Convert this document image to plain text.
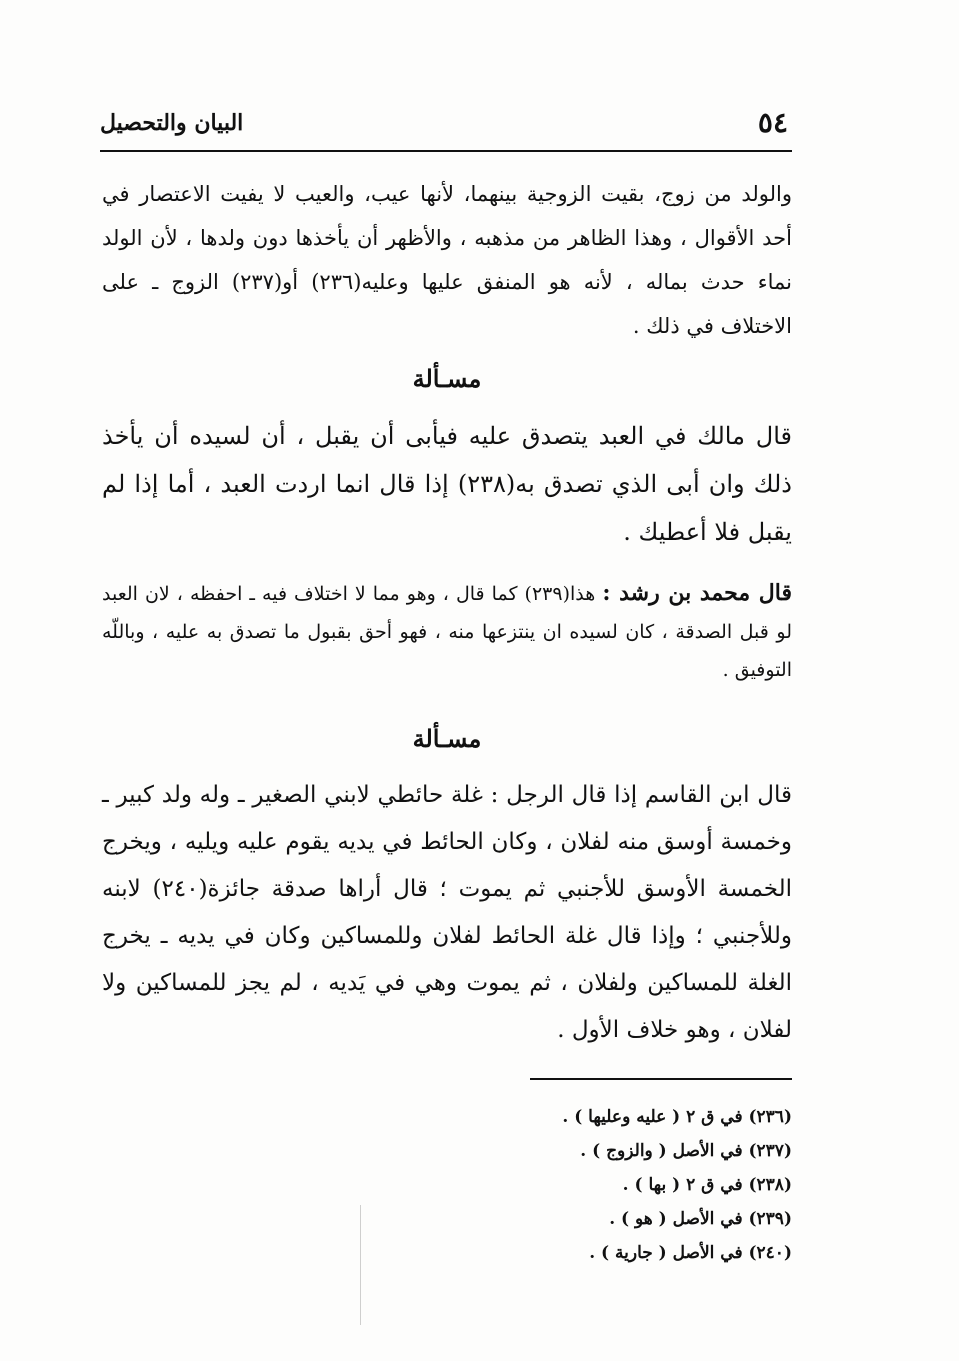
٥٤
البيان والتحصيل

والولد من زوج، بقيت الزوجية بينهما، لأنها عيب، والعيب لا يفيت الاعتصار في أحد الأقوال ، وهذا الظاهر من مذهبه ، والأظهر أن يأخذها دون ولدها ، لأن الولد نماء حدث بماله ، لأنه هو المنفق عليها وعليه(٢٣٦) أو(٢٣٧) الزوج ـ على الاختلاف في ذلك .

مسـألة

قال مالك في العبد يتصدق عليه فيأبى أن يقبل ، أن لسيده أن يأخذ ذلك وان أبى الذي تصدق به(٢٣٨) إذا قال انما اردت العبد ، أما إذا لم يقبل فلا أعطيك .

قال محمد بن رشد : هذا(٢٣٩) كما قال ، وهو مما لا اختلاف فيه ـ احفظه ، لان العبد لو قبل الصدقة ، كان لسيده ان ينتزعها منه ، فهو أحق بقبول ما تصدق به عليه ، وباللّه التوفيق .

مسـألة

قال ابن القاسم إذا قال الرجل : غلة حائطي لابني الصغير ـ وله ولد كبير ـ وخمسة أوسق منه لفلان ، وكان الحائط في يديه يقوم عليه ويليه ، ويخرج الخمسة الأوسق للأجنبي ثم يموت ؛ قال أراها صدقة جائزة(٢٤٠) لابنه وللأجنبي ؛ وإذا قال غلة الحائط لفلان وللمساكين وكان في يديه ـ يخرج الغلة للمساكين ولفلان ، ثم يموت وهي في يَديه ، لم يجز للمساكين ولا لفلان ، وهو خلاف الأول .

(٢٣٦) في ق ٢ ( عليه وعليها ) .
(٢٣٧) في الأصل ( والزوج ) .
(٢٣٨) في ق ٢ ( بها ) .
(٢٣٩) في الأصل ( هو ) .
(٢٤٠) في الأصل ( جارية ) .
